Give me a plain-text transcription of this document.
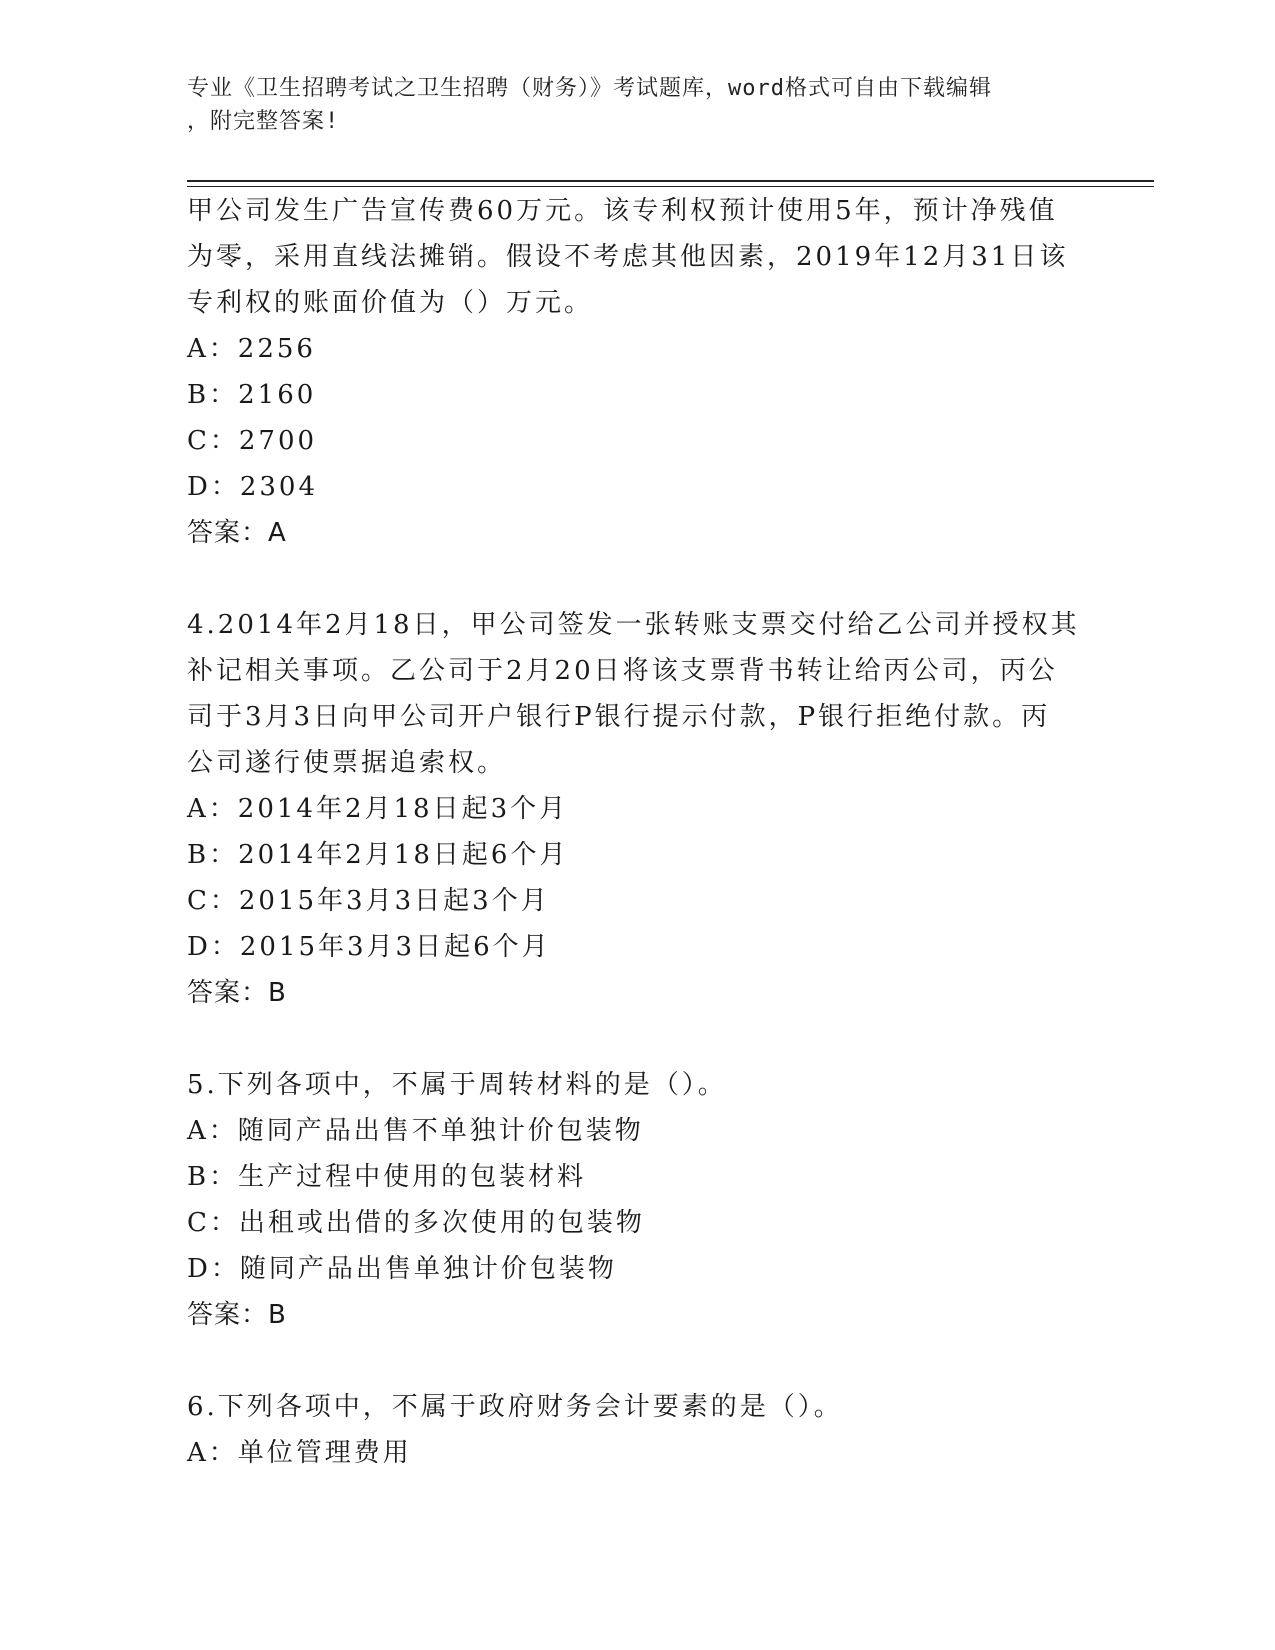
专业《卫生招聘考试之卫生招聘（财务）》考试题库，word格式可自由下载编辑
，附完整答案!

甲公司发生广告宣传费60万元。该专利权预计使用5年，预计净残值

为零，采用直线法摊销。假设不考虑其他因素，2019年12月31日该

专利权的账面价值为（）万元。

A：2256

B：2160

C：2700

D：2304

答案：A

4.2014年2月18日，甲公司签发一张转账支票交付给乙公司并授权其

补记相关事项。乙公司于2月20日将该支票背书转让给丙公司，丙公

司于3月3日向甲公司开户银行P银行提示付款，P银行拒绝付款。丙

公司遂行使票据追索权。

A：2014年2月18日起3个月

B：2014年2月18日起6个月

C：2015年3月3日起3个月

D：2015年3月3日起6个月

答案：B

5.下列各项中，不属于周转材料的是（）。

A：随同产品出售不单独计价包装物

B：生产过程中使用的包装材料

C：出租或出借的多次使用的包装物

D：随同产品出售单独计价包装物

答案：B

6.下列各项中，不属于政府财务会计要素的是（）。

A：单位管理费用
